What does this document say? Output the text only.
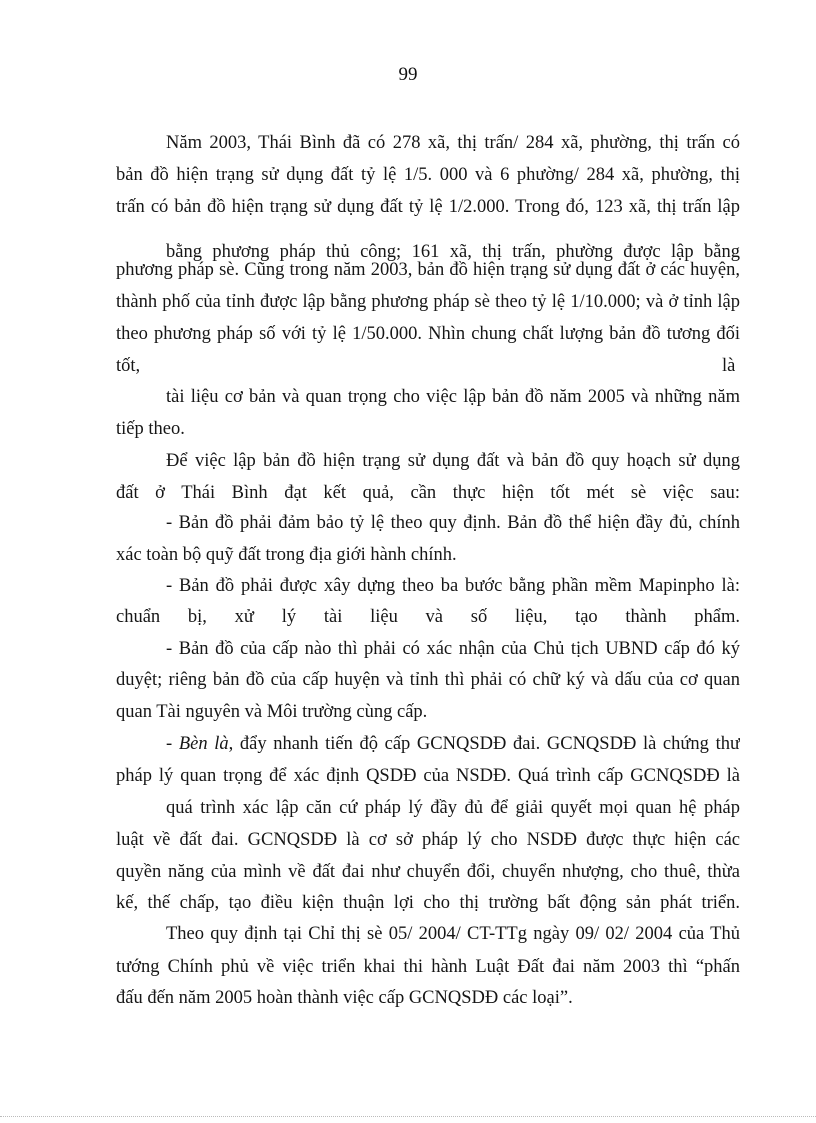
99
Năm 2003, Thái Bình đã có 278 xã, thị trấn/ 284 xã, phường, thị trấn có
bản đồ hiện trạng sử dụng đất tỷ lệ 1/5. 000 và 6 phường/ 284 xã, phường, thị
trấn có bản đồ hiện trạng sử dụng đất tỷ lệ 1/2.000. Trong đó, 123 xã, thị trấn lập
bằng phương pháp thủ công; 161 xã, thị trấn, phường được lập bằng
phương pháp sè. Cũng trong năm 2003, bản đồ hiện trạng sử dụng đất ở các huyện,
thành phố của tỉnh được lập bằng phương pháp sè theo tỷ lệ 1/10.000; và ở tỉnh lập
theo phương pháp số với tỷ lệ 1/50.000. Nhìn chung chất lượng bản đồ tương đối
tốt,	là
tài liệu cơ bản và quan trọng cho việc lập bản đồ năm 2005 và những năm
tiếp theo.
Để việc lập bản đồ hiện trạng sử dụng đất và bản đồ quy hoạch sử dụng
đất ở Thái Bình đạt kết quả, cần thực hiện tốt mét sè việc sau:
- Bản đồ phải đảm bảo tỷ lệ theo quy định. Bản đồ thể hiện đầy đủ, chính
xác toàn bộ quỹ đất trong địa giới hành chính.
- Bản đồ phải được xây dựng theo ba bước bằng phần mềm Mapinpho là:
chuẩn bị, xử lý tài liệu và số liệu, tạo thành phẩm.
- Bản đồ của cấp nào thì phải có xác nhận của Chủ tịch UBND cấp đó ký
duyệt; riêng bản đồ của cấp huyện và tỉnh thì phải có chữ ký và dấu của cơ quan
quan Tài nguyên và Môi trường cùng cấp.
- Bèn là, đẩy nhanh tiến độ cấp GCNQSDĐ đai. GCNQSDĐ là chứng thư
pháp lý quan trọng để xác định QSDĐ của NSDĐ. Quá trình cấp GCNQSDĐ là
quá trình xác lập căn cứ pháp lý đầy đủ để giải quyết mọi quan hệ pháp
luật về đất đai. GCNQSDĐ là cơ sở pháp lý cho NSDĐ được thực hiện các
quyền năng của mình về đất đai như chuyển đổi, chuyển nhượng, cho thuê, thừa
kế, thế chấp, tạo điều kiện thuận lợi cho thị trường bất động sản phát triển.
Theo quy định tại Chỉ thị sè 05/ 2004/ CT-TTg ngày 09/ 02/ 2004 của Thủ
tướng Chính phủ về việc triển khai thi hành Luật Đất đai năm 2003 thì “phấn
đấu đến năm 2005 hoàn thành việc cấp GCNQSDĐ các loại”.
